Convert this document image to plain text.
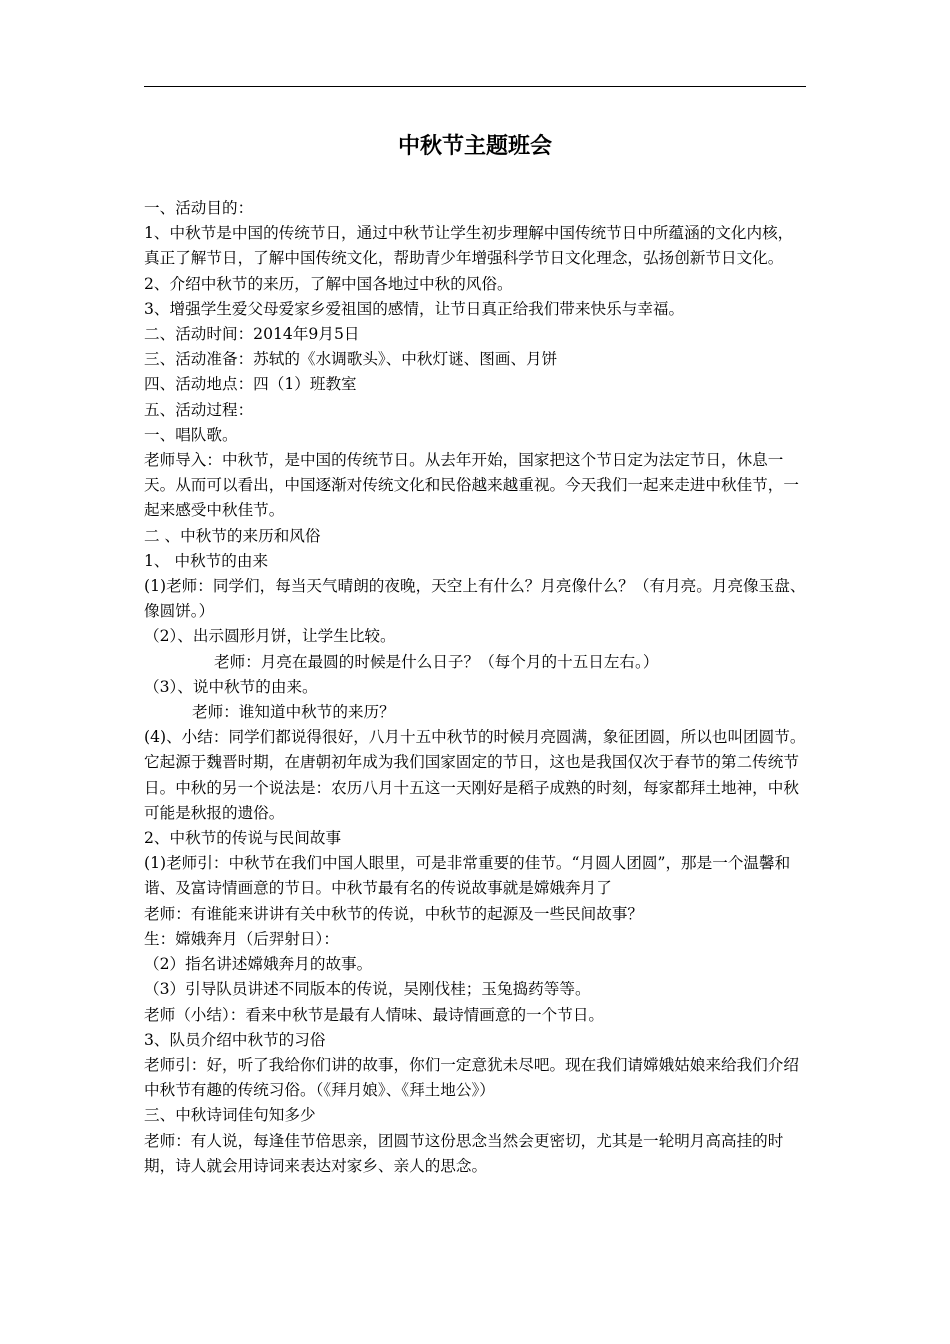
中秋节主题班会

一、活动目的：

1、中秋节是中国的传统节日，通过中秋节让学生初步理解中国传统节日中所蕴涵的文化内核，真正了解节日，了解中国传统文化，帮助青少年增强科学节日文化理念，弘扬创新节日文化。

2、介绍中秋节的来历，了解中国各地过中秋的风俗。

3、增强学生爱父母爱家乡爱祖国的感情，让节日真正给我们带来快乐与幸福。

二、活动时间：2014年9月5日

三、活动准备：苏轼的《水调歌头》、中秋灯谜、图画、月饼

四、活动地点：四（1）班教室

五、活动过程：

一、唱队歌。

老师导入：中秋节，是中国的传统节日。从去年开始，国家把这个节日定为法定节日，休息一天。从而可以看出，中国逐渐对传统文化和民俗越来越重视。今天我们一起来走进中秋佳节，一起来感受中秋佳节。

二 、中秋节的来历和风俗

1、 中秋节的由来

(1)老师：同学们，每当天气晴朗的夜晚，天空上有什么？月亮像什么？（有月亮。月亮像玉盘、像圆饼。）

（2）、出示圆形月饼，让学生比较。

老师：月亮在最圆的时候是什么日子？（每个月的十五日左右。）

（3）、说中秋节的由来。

老师：谁知道中秋节的来历？

(4)、小结：同学们都说得很好，八月十五中秋节的时候月亮圆满，象征团圆，所以也叫团圆节。它起源于魏晋时期，在唐朝初年成为我们国家固定的节日，这也是我国仅次于春节的第二传统节日。中秋的另一个说法是：农历八月十五这一天刚好是稻子成熟的时刻，每家都拜土地神，中秋可能是秋报的遗俗。

2、中秋节的传说与民间故事

(1)老师引：中秋节在我们中国人眼里，可是非常重要的佳节。“月圆人团圆”，那是一个温馨和谐、及富诗情画意的节日。中秋节最有名的传说故事就是嫦娥奔月了

老师：有谁能来讲讲有关中秋节的传说，中秋节的起源及一些民间故事？

生：嫦娥奔月（后羿射日）：

（2）指名讲述嫦娥奔月的故事。

（3）引导队员讲述不同版本的传说，吴刚伐桂；玉兔捣药等等。

老师（小结）：看来中秋节是最有人情味、最诗情画意的一个节日。

3、队员介绍中秋节的习俗

老师引：好，听了我给你们讲的故事，你们一定意犹未尽吧。现在我们请嫦娥姑娘来给我们介绍中秋节有趣的传统习俗。（《拜月娘》、《拜土地公》）

三、中秋诗词佳句知多少

老师：有人说，每逢佳节倍思亲，团圆节这份思念当然会更密切，尤其是一轮明月高高挂的时期，诗人就会用诗词来表达对家乡、亲人的思念。
